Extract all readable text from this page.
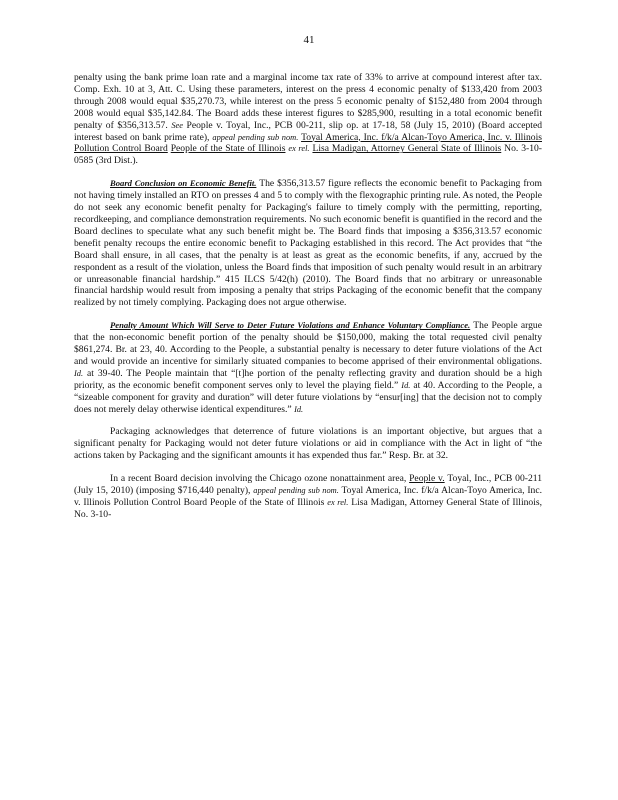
41

penalty using the bank prime loan rate and a marginal income tax rate of 33% to arrive at compound interest after tax. Comp. Exh. 10 at 3, Att. C. Using these parameters, interest on the press 4 economic penalty of $133,420 from 2003 through 2008 would equal $35,270.73, while interest on the press 5 economic penalty of $152,480 from 2004 through 2008 would equal $35,142.84. The Board adds these interest figures to $285,900, resulting in a total economic benefit penalty of $356,313.57. See People v. Toyal, Inc., PCB 00-211, slip op. at 17-18, 58 (July 15, 2010) (Board accepted interest based on bank prime rate), appeal pending sub nom. Toyal America, Inc. f/k/a Alcan-Toyo America, Inc. v. Illinois Pollution Control Board People of the State of Illinois ex rel. Lisa Madigan, Attorney General State of Illinois No. 3-10-0585 (3rd Dist.).

Board Conclusion on Economic Benefit. The $356,313.57 figure reflects the economic benefit to Packaging from not having timely installed an RTO on presses 4 and 5 to comply with the flexographic printing rule. As noted, the People do not seek any economic benefit penalty for Packaging's failure to timely comply with the permitting, reporting, recordkeeping, and compliance demonstration requirements. No such economic benefit is quantified in the record and the Board declines to speculate what any such benefit might be. The Board finds that imposing a $356,313.57 economic benefit penalty recoups the entire economic benefit to Packaging established in this record. The Act provides that “the Board shall ensure, in all cases, that the penalty is at least as great as the economic benefits, if any, accrued by the respondent as a result of the violation, unless the Board finds that imposition of such penalty would result in an arbitrary or unreasonable financial hardship.” 415 ILCS 5/42(h) (2010). The Board finds that no arbitrary or unreasonable financial hardship would result from imposing a penalty that strips Packaging of the economic benefit that the company realized by not timely complying. Packaging does not argue otherwise.

Penalty Amount Which Will Serve to Deter Future Violations and Enhance Voluntary Compliance. The People argue that the non-economic benefit portion of the penalty should be $150,000, making the total requested civil penalty $861,274. Br. at 23, 40. According to the People, a substantial penalty is necessary to deter future violations of the Act and would provide an incentive for similarly situated companies to become apprised of their environmental obligations. Id. at 39-40. The People maintain that “[t]he portion of the penalty reflecting gravity and duration should be a high priority, as the economic benefit component serves only to level the playing field.” Id. at 40. According to the People, a “sizeable component for gravity and duration” will deter future violations by “ensur[ing] that the decision not to comply does not merely delay otherwise identical expenditures.” Id.

Packaging acknowledges that deterrence of future violations is an important objective, but argues that a significant penalty for Packaging would not deter future violations or aid in compliance with the Act in light of “the actions taken by Packaging and the significant amounts it has expended thus far.” Resp. Br. at 32.

In a recent Board decision involving the Chicago ozone nonattainment area, People v. Toyal, Inc., PCB 00-211 (July 15, 2010) (imposing $716,440 penalty), appeal pending sub nom. Toyal America, Inc. f/k/a Alcan-Toyo America, Inc. v. Illinois Pollution Control Board People of the State of Illinois ex rel. Lisa Madigan, Attorney General State of Illinois, No. 3-10-
